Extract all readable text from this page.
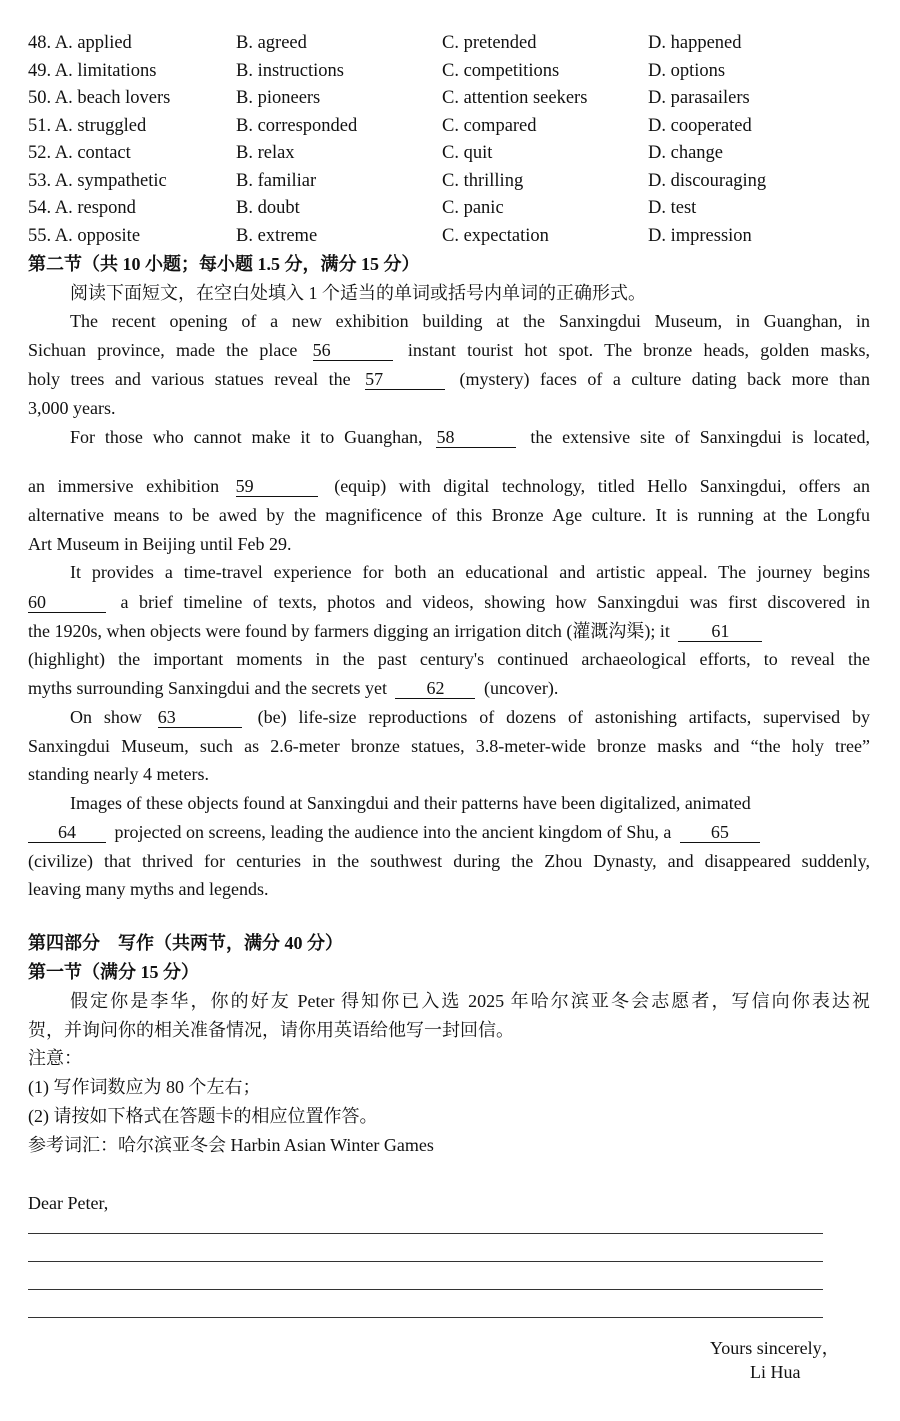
48. A. applied	B. agreed	C. pretended	D. happened
49. A. limitations	B. instructions	C. competitions	D. options
50. A. beach lovers	B. pioneers	C. attention seekers	D. parasailers
51. A. struggled	B. corresponded	C. compared	D. cooperated
52. A. contact	B. relax	C. quit	D. change
53. A. sympathetic	B. familiar	C. thrilling	D. discouraging
54. A. respond	B. doubt	C. panic	D. test
55. A. opposite	B. extreme	C. expectation	D. impression
第二节（共 10 小题；每小题 1.5 分，满分 15 分）
阅读下面短文，在空白处填入 1 个适当的单词或括号内单词的正确形式。
The recent opening of a new exhibition building at the Sanxingdui Museum, in Guanghan, in
Sichuan province, made the place 56	instant tourist hot spot. The bronze heads, golden masks,
holy trees and various statues reveal the 57	(mystery) faces of a culture dating back more than
3,000 years.
For those who cannot make it to Guanghan, 58	the extensive site of Sanxingdui is located,
an immersive exhibition 59	(equip) with digital technology, titled Hello Sanxingdui, offers an
alternative means to be awed by the magnificence of this Bronze Age culture. It is running at the Longfu
Art Museum in Beijing until Feb 29.
It provides a time-travel experience for both an educational and artistic appeal. The journey begins
60	a brief timeline of texts, photos and videos, showing how Sanxingdui was first discovered in
the 1920s, when objects were found by farmers digging an irrigation ditch (灌溉沟渠); it 61
(highlight) the important moments in the past century's continued archaeological efforts, to reveal the
myths surrounding Sanxingdui and the secrets yet 62 (uncover).
On show 63	(be) life-size reproductions of dozens of astonishing artifacts, supervised by
Sanxingdui Museum, such as 2.6-meter bronze statues, 3.8-meter-wide bronze masks and “the holy tree”
standing nearly 4 meters.
Images of these objects found at Sanxingdui and their patterns have been digitalized, animated
64 projected on screens, leading the audience into the ancient kingdom of Shu, a 65
(civilize) that thrived for centuries in the southwest during the Zhou Dynasty, and disappeared suddenly,
leaving many myths and legends.
第四部分　写作（共两节，满分 40 分）
第一节（满分 15 分）
假定你是李华，你的好友 Peter 得知你已入选 2025 年哈尔滨亚冬会志愿者，写信向你表达祝
贺，并询问你的相关准备情况，请你用英语给他写一封回信。
注意：
(1) 写作词数应为 80 个左右；
(2) 请按如下格式在答题卡的相应位置作答。
参考词汇：哈尔滨亚冬会 Harbin Asian Winter Games
Dear Peter,
Yours sincerely，
Li Hua
